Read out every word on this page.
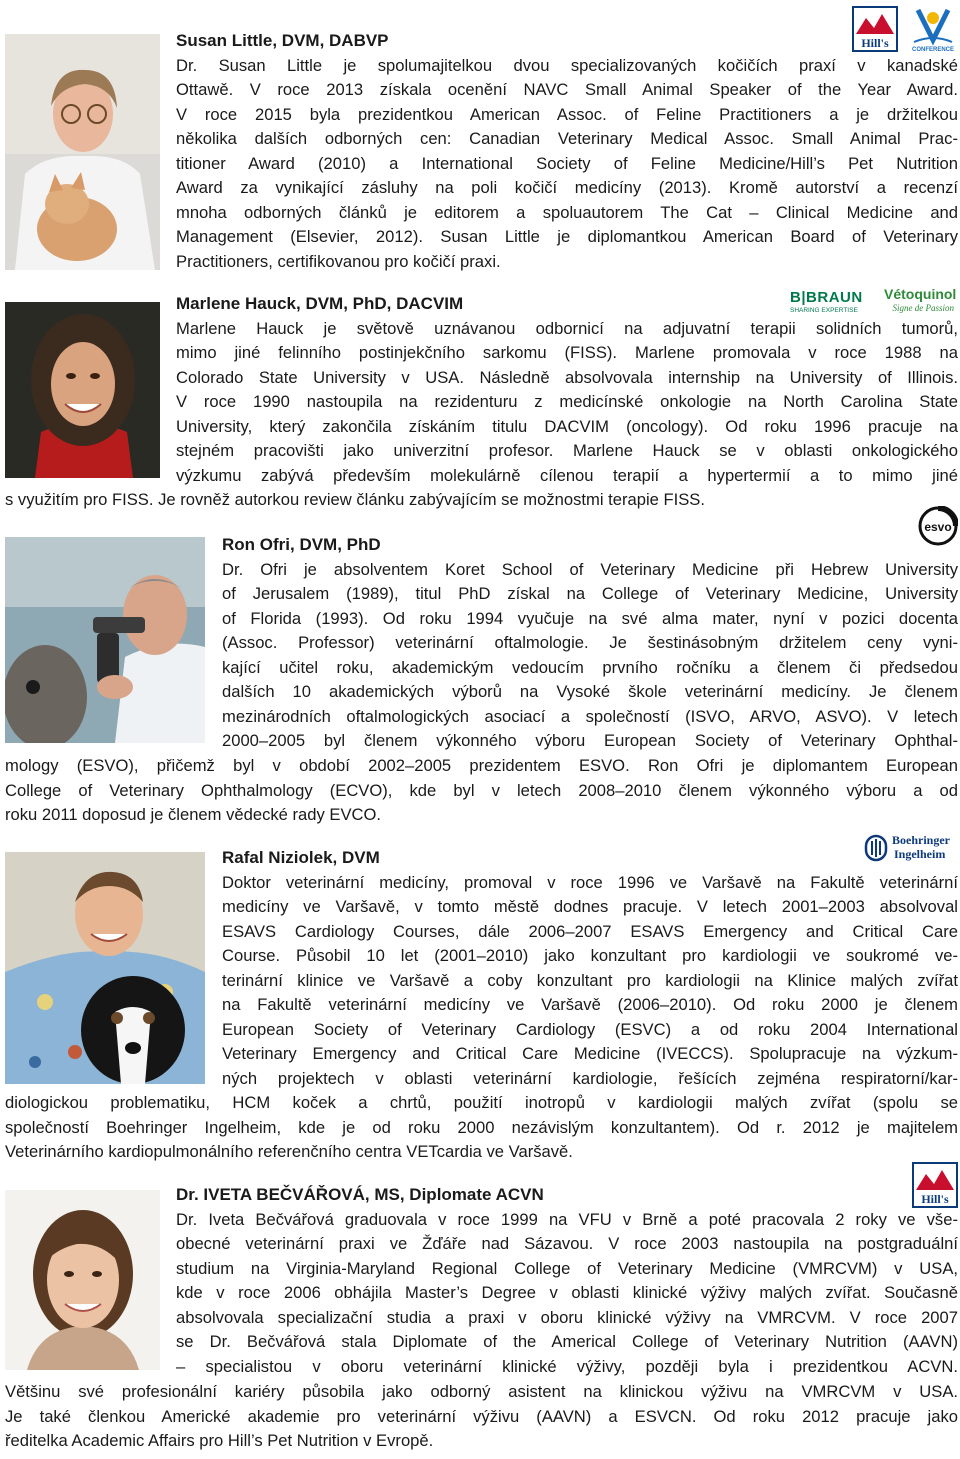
Susan Little, DVM, DABVP
Dr. Susan Little je spolumajitelkou dvou specializovaných kočičích praxí v kanadské
Ottawě. V roce 2013 získala ocenění NAVC Small Animal Speaker of the Year Award.
V roce 2015 byla prezidentkou American Assoc. of Feline Practitioners a je držitelkou
několika dalších odborných cen: Canadian Veterinary Medical Assoc. Small Animal Prac-
titioner Award (2010) a International Society of Feline Medicine/Hill’s Pet Nutrition
Award za vynikající zásluhy na poli kočičí medicíny (2013). Kromě autorství a recenzí
mnoha odborných článků je editorem a spoluautorem The Cat – Clinical Medicine and
Management (Elsevier, 2012). Susan Little je diplomantkou American Board of Veterinary
Practitioners, certifikovanou pro kočičí praxi.
Hill's	CONFERENCE
Marlene Hauck, DVM, PhD, DACVIM
Marlene Hauck je světově uznávanou odbornicí na adjuvatní terapii solidních tumorů,
mimo jiné felinního postinjekčního sarkomu (FISS). Marlene promovala v roce 1988 na
Colorado State University v USA. Následně absolvovala internship na University of Illinois.
V roce 1990 nastoupila na rezidenturu z medicínské onkologie na North Carolina State
University, který zakončila získáním titulu DACVIM (oncology). Od roku 1996 pracuje na
stejném pracovišti jako univerzitní profesor. Marlene Hauck se v oblasti onkologického
výzkumu zabývá především molekulárně cílenou terapií a hypertermií a to mimo jiné
s využitím pro FISS. Je rovněž autorkou review článku zabývajícím se možnostmi terapie FISS.
B|BRAUN
SHARING EXPERTISE
Vétoquinol
Signe de Passion
Ron Ofri, DVM, PhD
Dr. Ofri je absolventem Koret School of Veterinary Medicine při Hebrew University
of Jerusalem (1989), titul PhD získal na College of Veterinary Medicine, University
of Florida (1993). Od roku 1994 vyučuje na své alma mater, nyní v pozici docenta
(Assoc. Professor) veterinární oftalmologie. Je šestinásobným držitelem ceny vyni-
kající učitel roku, akademickým vedoucím prvního ročníku a členem či předsedou
dalších 10 akademických výborů na Vysoké škole veterinární medicíny. Je členem
mezinárodních oftalmologických asociací a společností (ISVO, ARVO, ASVO). V letech
2000–2005 byl členem výkonného výboru European Society of Veterinary Ophthal-
mology (ESVO), přičemž byl v období 2002–2005 prezidentem ESVO. Ron Ofri je diplomantem European
College of Veterinary Ophthalmology (ECVO), kde byl v letech 2008–2010 členem výkonného výboru a od
roku 2011 doposud je členem vědecké rady EVCO.
esvo
Rafal Niziolek, DVM
Doktor veterinární medicíny, promoval v roce 1996 ve Varšavě na Fakultě veterinární
medicíny ve Varšavě, v tomto městě dodnes pracuje. V letech 2001–2003 absolvoval
ESAVS Cardiology Courses, dále 2006–2007 ESAVS Emergency and Critical Care
Course. Působil 10 let (2001–2010) jako konzultant pro kardiologii ve soukromé ve-
terinární klinice ve Varšavě a coby konzultant pro kardiologii na Klinice malých zvířat
na Fakultě veterinární medicíny ve Varšavě (2006–2010). Od roku 2000 je členem
European Society of Veterinary Cardiology (ESVC) a od roku 2004 International
Veterinary Emergency and Critical Care Medicine (IVECCS). Spolupracuje na výzkum-
ných projektech v oblasti veterinární kardiologie, řešících zejména respiratorní/kar-
diologickou problematiku, HCM koček a chrtů, použití inotropů v kardiologii malých zvířat (spolu se
společností Boehringer Ingelheim, kde je od roku 2000 nezávislým konzultantem). Od r. 2012 je majitelem
Veterinárního kardiopulmonálního referenčního centra VETcardia ve Varšavě.
Boehringer
Ingelheim
Dr. IVETA BEČVÁŘOVÁ, MS, Diplomate ACVN
Dr. Iveta Bečvářová graduovala v roce 1999 na VFU v Brně a poté pracovala 2 roky ve vše-
obecné veterinární praxi ve Žďáře nad Sázavou. V roce 2003 nastoupila na postgraduální
studium na Virginia-Maryland Regional College of Veterinary Medicine (VMRCVM) v USA,
kde v roce 2006 obhájila Master’s Degree v oblasti klinické výživy malých zvířat. Současně
absolvovala specializační studia a praxi v oboru klinické výživy na VMRCVM. V roce 2007
se Dr. Bečvářová stala Diplomate of the Americal College of Veterinary Nutrition (AAVN)
– specialistou v oboru veterinární klinické výživy, později byla i prezidentkou ACVN.
Většinu své profesionální kariéry působila jako odborný asistent na klinickou výživu na VMRCVM v USA.
Je také členkou Americké akademie pro veterinární výživu (AAVN) a ESVCN. Od roku 2012 pracuje jako
ředitelka Academic Affairs pro Hill’s Pet Nutrition v Evropě.
Hill's
